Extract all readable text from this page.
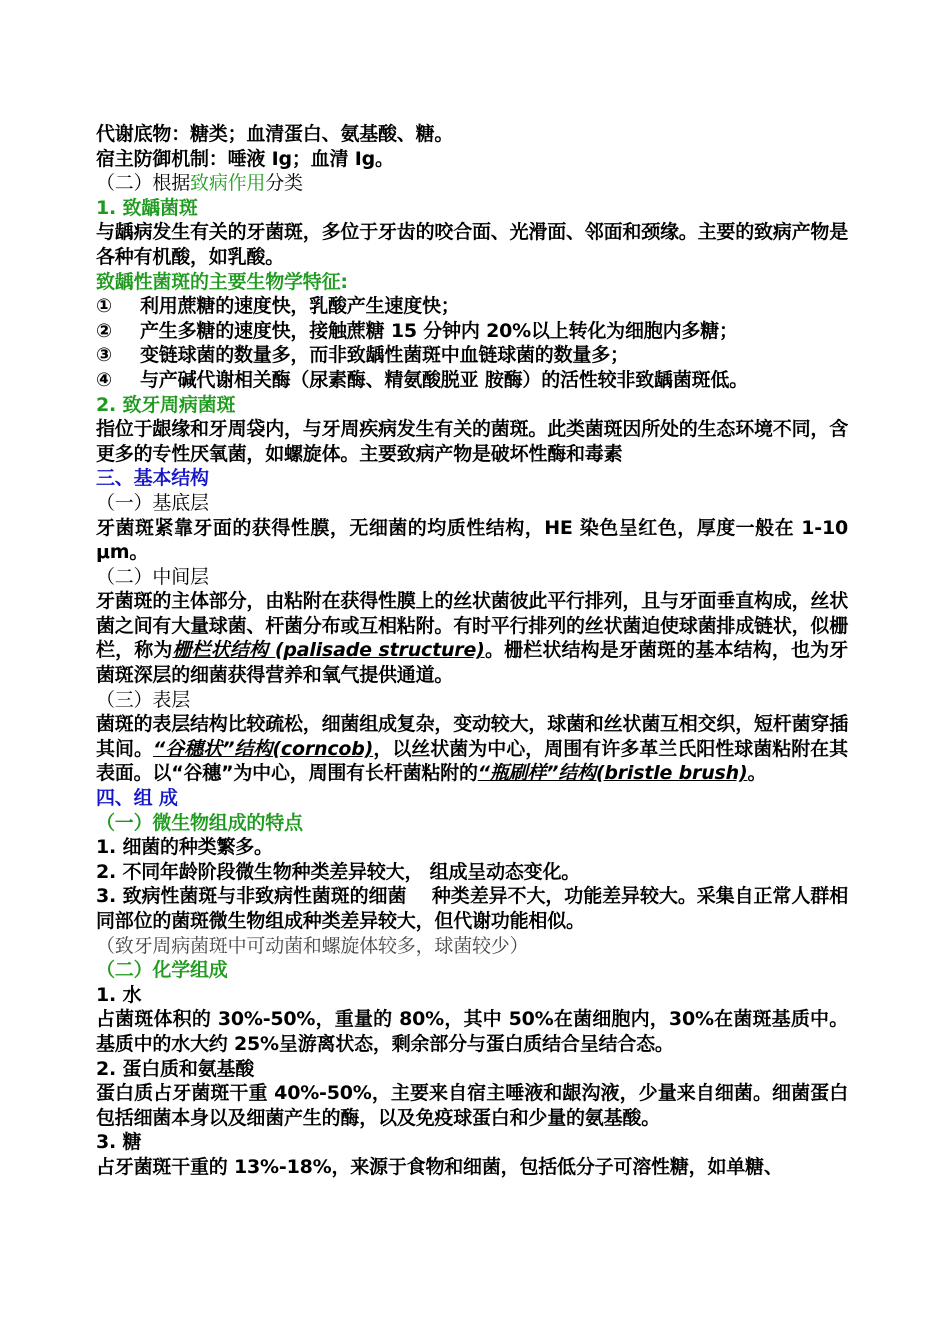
代谢底物：糖类；血清蛋白、氨基酸、糖。
宿主防御机制：唾液 Ig；血清 Ig。
（二）根据致病作用分类
1. 致龋菌斑
与龋病发生有关的牙菌斑，多位于牙齿的咬合面、光滑面、邻面和颈缘。主要的致病产物是各种有机酸，如乳酸。
致龋性菌斑的主要生物学特征:
① 利用蔗糖的速度快，乳酸产生速度快；
② 产生多糖的速度快，接触蔗糖 15 分钟内 20%以上转化为细胞内多糖；
③ 变链球菌的数量多，而非致龋性菌斑中血链球菌的数量多；
④ 与产碱代谢相关酶（尿素酶、精氨酸脱亚 胺酶）的活性较非致龋菌斑低。
2. 致牙周病菌斑
指位于龈缘和牙周袋内，与牙周疾病发生有关的菌斑。此类菌斑因所处的生态环境不同，含更多的专性厌氧菌，如螺旋体。主要致病产物是破坏性酶和毒素
三、基本结构
（一）基底层
牙菌斑紧靠牙面的获得性膜，无细菌的均质性结构，HE 染色呈红色，厚度一般在 1-10 μm。
（二）中间层
牙菌斑的主体部分，由粘附在获得性膜上的丝状菌彼此平行排列，且与牙面垂直构成，丝状菌之间有大量球菌、杆菌分布或互相粘附。有时平行排列的丝状菌迫使球菌排成链状，似栅栏，称为栅栏状结构 (palisade structure)。栅栏状结构是牙菌斑的基本结构，也为牙菌斑深层的细菌获得营养和氧气提供通道。
（三）表层
菌斑的表层结构比较疏松，细菌组成复杂，变动较大，球菌和丝状菌互相交织，短杆菌穿插其间。“谷穗状”结构(corncob)，以丝状菌为中心，周围有许多革兰氏阳性球菌粘附在其表面。以“谷穗”为中心，周围有长杆菌粘附的“瓶刷样”结构(bristle brush)。
四、组 成
（一）微生物组成的特点
1. 细菌的种类繁多。
2. 不同年龄阶段微生物种类差异较大， 组成呈动态变化。
3. 致病性菌斑与非致病性菌斑的细菌　 种类差异不大，功能差异较大。采集自正常人群相同部位的菌斑微生物组成种类差异较大，但代谢功能相似。
（致牙周病菌斑中可动菌和螺旋体较多，球菌较少）
（二）化学组成
1. 水
占菌斑体积的 30%-50%，重量的 80%，其中 50%在菌细胞内，30%在菌斑基质中。基质中的水大约 25%呈游离状态，剩余部分与蛋白质结合呈结合态。
2. 蛋白质和氨基酸
蛋白质占牙菌斑干重 40%-50%，主要来自宿主唾液和龈沟液，少量来自细菌。细菌蛋白包括细菌本身以及细菌产生的酶，以及免疫球蛋白和少量的氨基酸。
3. 糖
占牙菌斑干重的 13%-18%，来源于食物和细菌，包括低分子可溶性糖，如单糖、
